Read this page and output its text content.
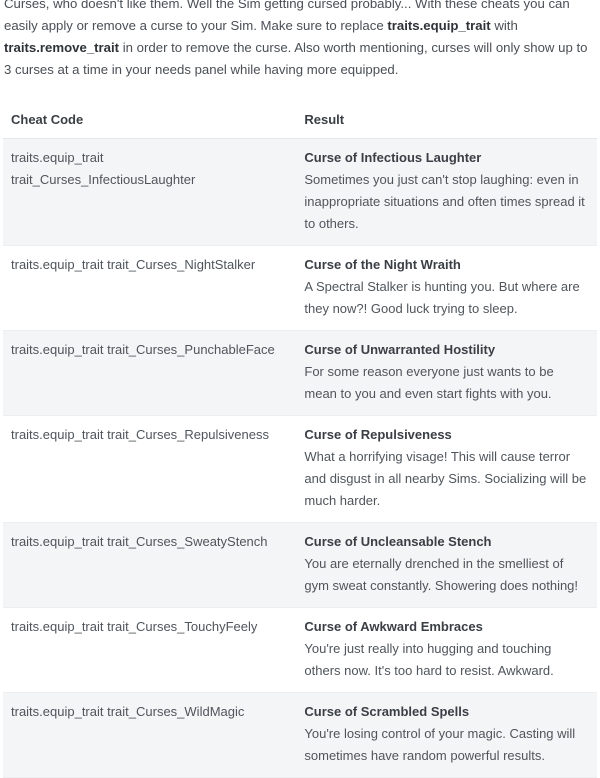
Curses, who doesn't like them. Well the Sim getting cursed probably... With these cheats you can easily apply or remove a curse to your Sim. Make sure to replace traits.equip_trait with traits.remove_trait in order to remove the curse. Also worth mentioning, curses will only show up to 3 curses at a time in your needs panel while having more equipped.
Cheat Code	Result
traits.equip_trait trait_Curses_InfectiousLaughter	Curse of Infectious Laughter
Sometimes you just can't stop laughing: even in inappropriate situations and often times spread it to others.

traits.equip_trait trait_Curses_NightStalker	Curse of the Night Wraith
A Spectral Stalker is hunting you. But where are they now?! Good luck trying to sleep.

traits.equip_trait trait_Curses_PunchableFace	Curse of Unwarranted Hostility
For some reason everyone just wants to be mean to you and even start fights with you.

traits.equip_trait trait_Curses_Repulsiveness	Curse of Repulsiveness
What a horrifying visage! This will cause terror and disgust in all nearby Sims. Socializing will be much harder.

traits.equip_trait trait_Curses_SweatyStench	Curse of Uncleansable Stench
You are eternally drenched in the smelliest of gym sweat constantly. Showering does nothing!

traits.equip_trait trait_Curses_TouchyFeely	Curse of Awkward Embraces
You're just really into hugging and touching others now. It's too hard to resist. Awkward.

traits.equip_trait trait_Curses_WildMagic	Curse of Scrambled Spells
You're losing control of your magic. Casting will sometimes have random powerful results.
